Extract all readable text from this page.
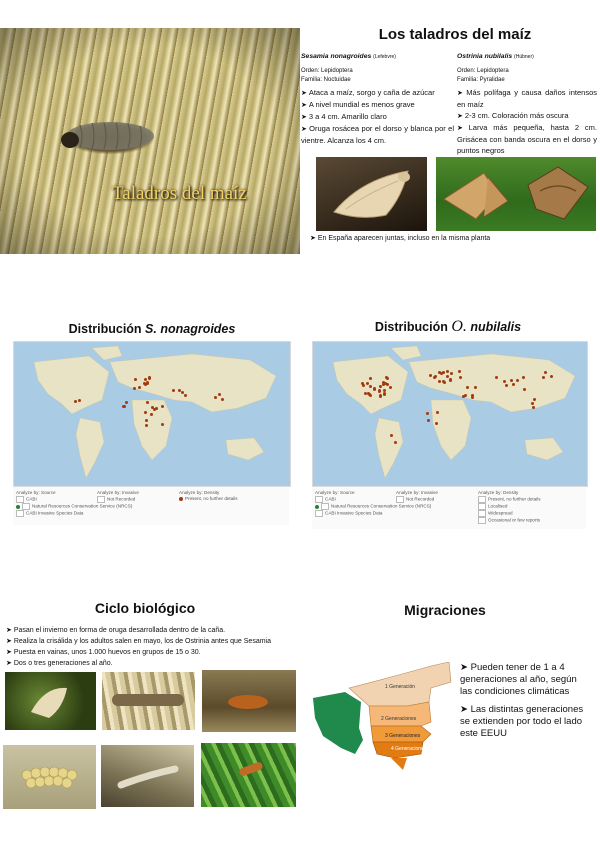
Taladros del maíz
Los taladros del maíz
Sesamia nonagroides (Lefebvre)
Orden: Lepidoptera
Familia: Noctuidae

➤ Ataca a maíz, sorgo y caña de azúcar

➤ A nivel mundial es menos grave

➤ 3 a 4 cm. Amarillo claro

➤ Oruga rosácea por el dorso y blanca por el vientre. Alcanza los 4 cm.

Ostrinia nubilalis (Hübner)
Orden: Lepidoptera
Familia: Pyralidae

➤ Más polífaga y causa daños intensos en maíz

➤ 2-3 cm. Coloración más oscura

➤ Larva más pequeña, hasta 2 cm. Grisácea con banda oscura en el dorso y puntos negros

➤ En España aparecen juntas, incluso en la misma planta

Distribución S. nonagroides	Distribución O. nubilalis
Analyze by: Source
CABI
Natural Resources Conservation Service (NRCS)
CABI Invasive Species Data
Analyze by: Invasive
Not Recorded
Analyze by: Density
Present, no further details
Analyze by: Source
CABI
Natural Resources Conservation Service (NRCS)
CABI Invasive Species Data
Analyze by: Invasive
Not Recorded
Analyze by: Density
Present, no further details
Localised
Widespread
Occasional or few reports
Ciclo biológico

➤ Pasan el invierno en forma de oruga desarrollada dentro de la caña.

➤ Realiza la crisálida y los adultos salen en mayo, los de Ostrinia antes que Sesamia

➤ Puesta en vainas, unos 1.000 huevos en grupos de 15 o 30.

➤ Dos o tres generaciones al año.

Migraciones
1 Generación
2 Generaciones
3 Generaciones
4 Generaciones

➤ Pueden tener de 1 a 4 generaciones al año, según las condiciones climáticas

➤ Las distintas generaciones se extienden por todo el lado este EEUU
